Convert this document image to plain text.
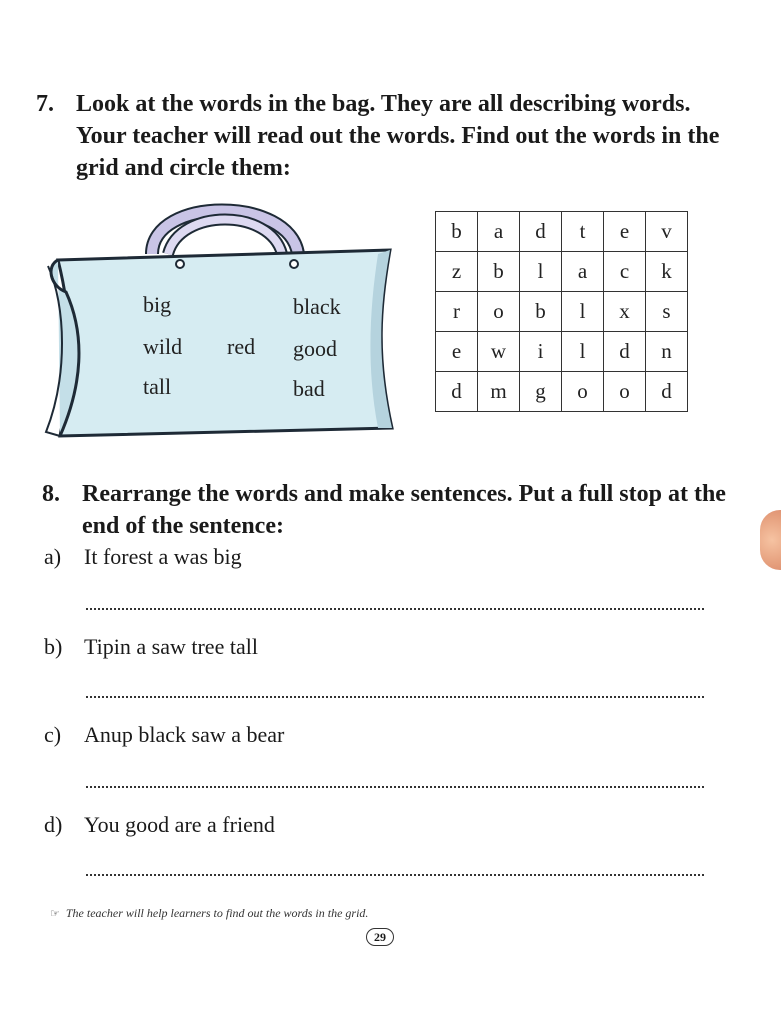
7. Look at the words in the bag. They are all describing words. Your teacher will read out the words. Find out the words in the grid and circle them:
big	black
wild red good
tall	bad
b	a	d	t	e	v
z	b	l	a	c	k
r	o	b	l	x	s
e	w	i	l	d	n
d	m	g	o	o	d
8. Rearrange the words and make sentences. Put a full stop at the end of the sentence:
a) It forest a was big
b) Tipin a saw tree tall
c) Anup black saw a bear
d) You good are a friend
☞ The teacher will help learners to find out the words in the grid.
29
